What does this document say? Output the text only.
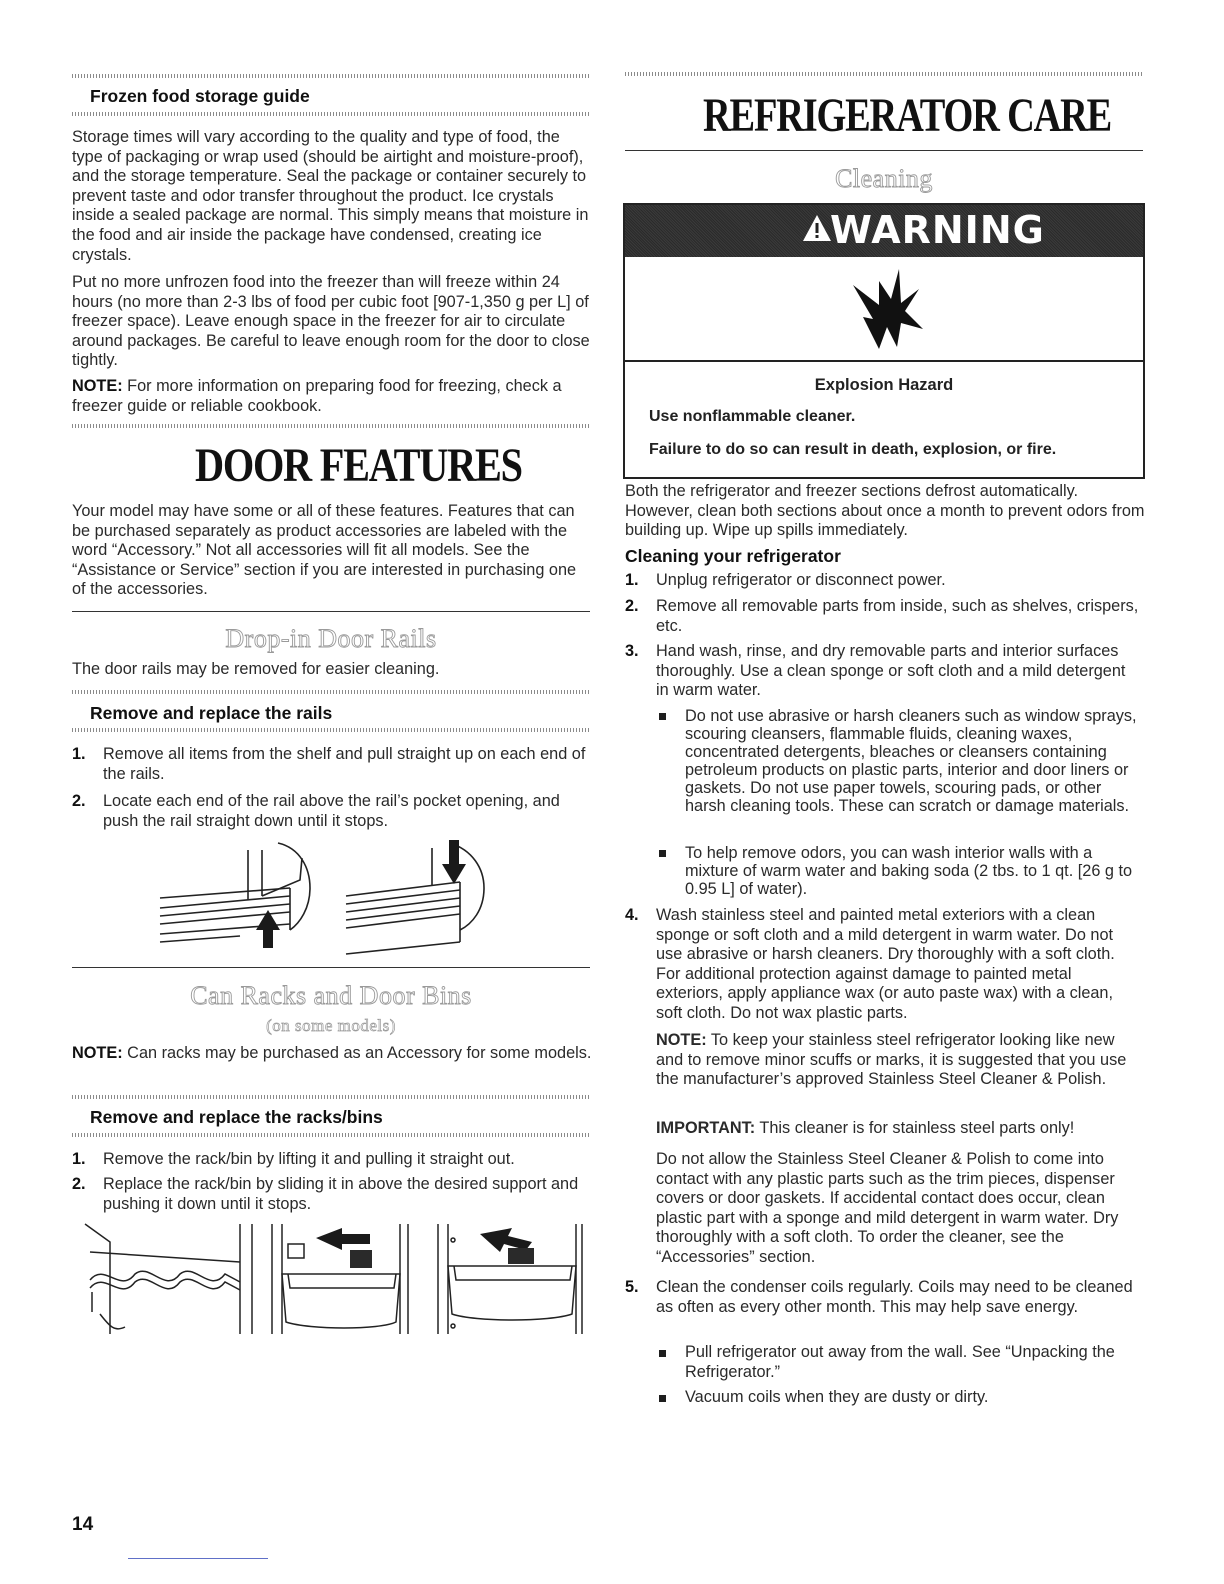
Frozen food storage guide

Storage times will vary according to the quality and type of food, the type of packaging or wrap used (should be airtight and moisture-proof), and the storage temperature. Seal the package or container securely to prevent taste and odor transfer throughout the product. Ice crystals inside a sealed package are normal. This simply means that moisture in the food and air inside the package have condensed, creating ice crystals.

Put no more unfrozen food into the freezer than will freeze within 24 hours (no more than 2-3 lbs of food per cubic foot [907-1,350 g per L] of freezer space). Leave enough space in the freezer for air to circulate around packages. Be careful to leave enough room for the door to close tightly.

NOTE: For more information on preparing food for freezing, check a freezer guide or reliable cookbook.

DOOR FEATURES

Your model may have some or all of these features. Features that can be purchased separately as product accessories are labeled with the word “Accessory.” Not all accessories will fit all models. See the “Assistance or Service” section if you are interested in purchasing one of the accessories.

Drop-in Door Rails

The door rails may be removed for easier cleaning.

Remove and replace the rails
1. Remove all items from the shelf and pull straight up on each end of the rails.

2. Locate each end of the rail above the rail’s pocket opening, and push the rail straight down until it stops.

Can Racks and Door Bins
(on some models)

NOTE: Can racks may be purchased as an Accessory for some models.

Remove and replace the racks/bins
1. Remove the rack/bin by lifting it and pulling it straight out.

2. Replace the rack/bin by sliding it in above the desired support and pushing it down until it stops.

14
REFRIGERATOR CARE
Cleaning
WARNING
Explosion Hazard
Use nonflammable cleaner.
Failure to do so can result in death, explosion, or fire.

Both the refrigerator and freezer sections defrost automatically. However, clean both sections about once a month to prevent odors from building up. Wipe up spills immediately.

Cleaning your refrigerator
1. Unplug refrigerator or disconnect power.

2. Remove all removable parts from inside, such as shelves, crispers, etc.

3. Hand wash, rinse, and dry removable parts and interior surfaces thoroughly. Use a clean sponge or soft cloth and a mild detergent in warm water.

Do not use abrasive or harsh cleaners such as window sprays, scouring cleansers, flammable fluids, cleaning waxes, concentrated detergents, bleaches or cleansers containing petroleum products on plastic parts, interior and door liners or gaskets. Do not use paper towels, scouring pads, or other harsh cleaning tools. These can scratch or damage materials.

To help remove odors, you can wash interior walls with a mixture of warm water and baking soda (2 tbs. to 1 qt. [26 g to 0.95 L] of water).

4. Wash stainless steel and painted metal exteriors with a clean sponge or soft cloth and a mild detergent in warm water. Do not use abrasive or harsh cleaners. Dry thoroughly with a soft cloth. For additional protection against damage to painted metal exteriors, apply appliance wax (or auto paste wax) with a clean, soft cloth. Do not wax plastic parts.

NOTE: To keep your stainless steel refrigerator looking like new and to remove minor scuffs or marks, it is suggested that you use the manufacturer’s approved Stainless Steel Cleaner & Polish.

IMPORTANT: This cleaner is for stainless steel parts only!

Do not allow the Stainless Steel Cleaner & Polish to come into contact with any plastic parts such as the trim pieces, dispenser covers or door gaskets. If accidental contact does occur, clean plastic part with a sponge and mild detergent in warm water. Dry thoroughly with a soft cloth. To order the cleaner, see the “Accessories” section.

5. Clean the condenser coils regularly. Coils may need to be cleaned as often as every other month. This may help save energy.

Pull refrigerator out away from the wall. See “Unpacking the Refrigerator.”

Vacuum coils when they are dusty or dirty.
